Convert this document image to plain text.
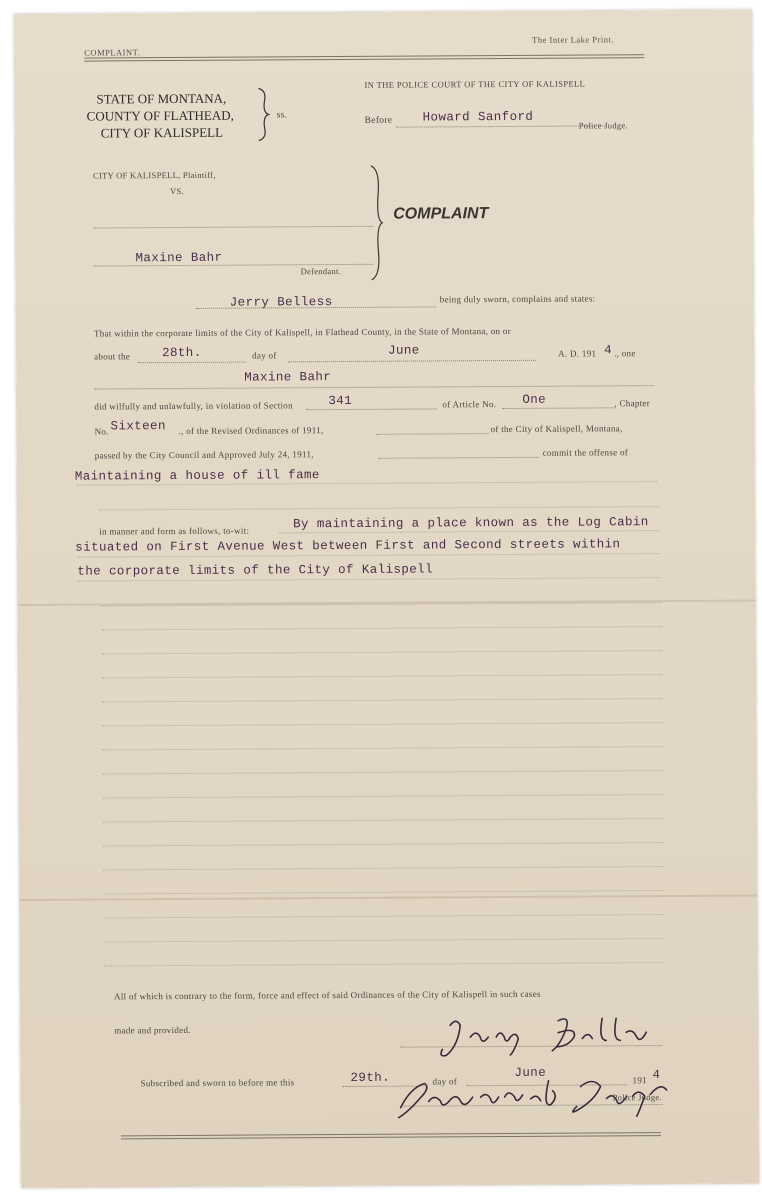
COMPLAINT.
The Inter Lake Print.
STATE OF MONTANA,
COUNTY OF FLATHEAD,
CITY OF KALISPELL
ss.
IN THE POLICE COURT OF THE CITY OF KALISPELL
Before Howard Sanford
Police Judge.
CITY OF KALISPELL, Plaintiff,
VS.
Maxine Bahr
Defendant.
COMPLAINT
Jerry Belless	being duly sworn, complains and states:
That within the corporate limits of the City of Kalispell, in Flathead County, in the State of Montana, on or
about the	28th.	day of	June	A. D. 191 4 ., one
Maxine Bahr
did wilfully and unlawfully, in violation of Section	341	of Article No. One	, Chapter
No. Sixteen ., of the Revised Ordinances of 1911,	of the City of Kalispell, Montana,
passed by the City Council and Approved July 24, 1911,	commit the offense of
Maintaining a house of ill fame
in manner and form as follows, to-wit:	By maintaining a place known as the Log Cabin
situated on First Avenue West between First and Second streets within
the corporate limits of the City of Kalispell
All of which is contrary to the form, force and effect of said Ordinances of the City of Kalispell in such cases
made and provided.
Subscribed and sworn to before me this	29th.	day of
June
191 4
Police Judge.
